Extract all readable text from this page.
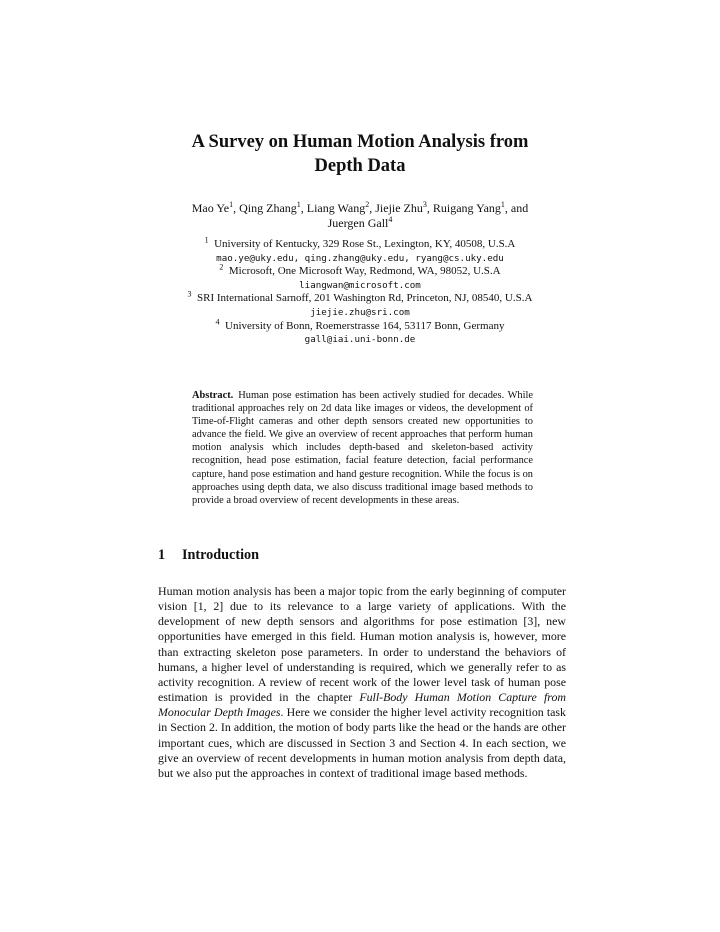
A Survey on Human Motion Analysis from
Depth Data
Mao Ye$^1$, Qing Zhang$^1$, Liang Wang$^2$, Jiejie Zhu$^3$, Ruigang Yang$^1$, and
Juergen Gall$^4$
$^1$ University of Kentucky, 329 Rose St., Lexington, KY, 40508, U.S.A
mao.ye@uky.edu, qing.zhang@uky.edu, ryang@cs.uky.edu
$^2$ Microsoft, One Microsoft Way, Redmond, WA, 98052, U.S.A
liangwan@microsoft.com
$^3$ SRI International Sarnoff, 201 Washington Rd, Princeton, NJ, 08540, U.S.A
jiejie.zhu@sri.com
$^4$ University of Bonn, Roemerstrasse 164, 53117 Bonn, Germany
gall@iai.uni-bonn.de
Abstract. Human pose estimation has been actively studied for decades. While traditional approaches rely on 2d data like images or videos, the development of Time-of-Flight cameras and other depth sensors created new opportunities to advance the field. We give an overview of recent approaches that perform human motion analysis which includes depth-based and skeleton-based activity recognition, head pose estimation, facial feature detection, facial performance capture, hand pose estimation and hand gesture recognition. While the focus is on approaches using depth data, we also discuss traditional image based methods to provide a broad overview of recent developments in these areas.
1 Introduction

Human motion analysis has been a major topic from the early beginning of computer vision [1, 2] due to its relevance to a large variety of applications. With the development of new depth sensors and algorithms for pose estimation [3], new opportunities have emerged in this field. Human motion analysis is, however, more than extracting skeleton pose parameters. In order to understand the behaviors of humans, a higher level of understanding is required, which we generally refer to as activity recognition. A review of recent work of the lower level task of human pose estimation is provided in the chapter Full-Body Human Motion Capture from Monocular Depth Images. Here we consider the higher level activity recognition task in Section 2. In addition, the motion of body parts like the head or the hands are other important cues, which are discussed in Section 3 and Section 4. In each section, we give an overview of recent developments in human motion analysis from depth data, but we also put the approaches in context of traditional image based methods.
